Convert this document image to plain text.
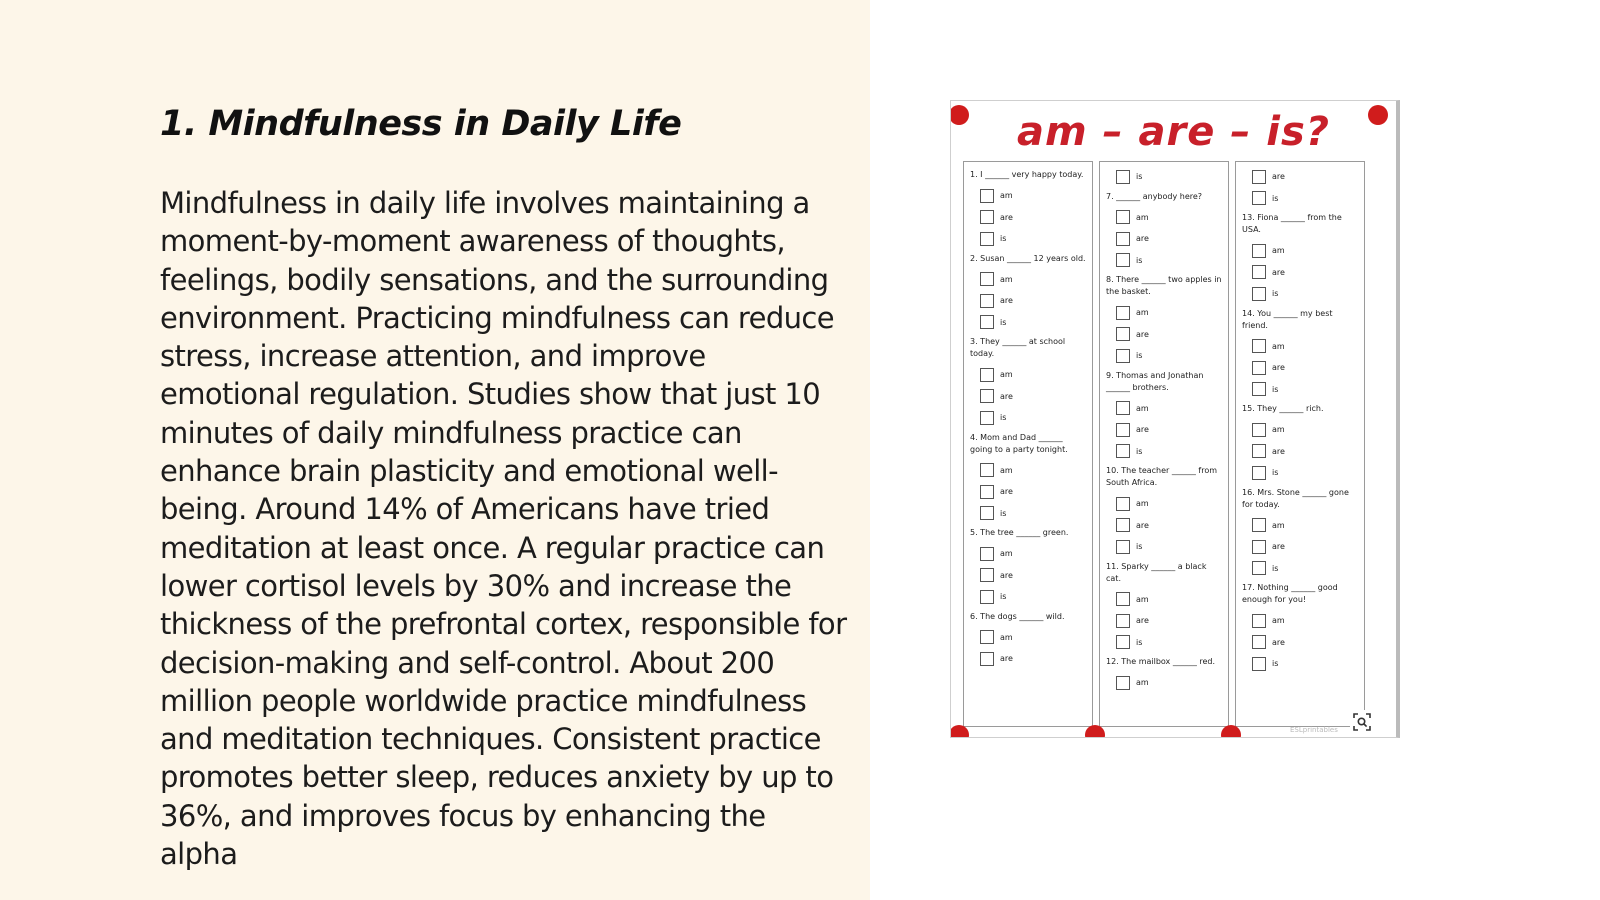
1. Mindfulness in Daily Life

Mindfulness in daily life involves maintaining a moment-by-moment awareness of thoughts, feelings, bodily sensations, and the surrounding environment. Practicing mindfulness can reduce stress, increase attention, and improve emotional regulation. Studies show that just 10 minutes of daily mindfulness practice can enhance brain plasticity and emotional well-being. Around 14% of Americans have tried meditation at least once. A regular practice can lower cortisol levels by 30% and increase the thickness of the prefrontal cortex, responsible for decision-making and self-control. About 200 million people worldwide practice mindfulness and meditation techniques. Consistent practice promotes better sleep, reduces anxiety by up to 36%, and improves focus by enhancing the alpha

am – are – is?
1. I ______ very happy today.
am
are
is
2. Susan ______ 12 years old.
am
are
is
3. They ______ at school today.
am
are
is
4. Mom and Dad ______ going to a party tonight.
am
are
is
5. The tree ______ green.
am
are
is
6. The dogs ______ wild.
am
are
is
7. ______ anybody here?
am
are
is
8. There ______ two apples in the basket.
am
are
is
9. Thomas and Jonathan ______ brothers.
am
are
is
10. The teacher ______ from South Africa.
am
are
is
11. Sparky ______ a black cat.
am
are
is
12. The mailbox ______ red.
am
are
is
13. Fiona ______ from the USA.
am
are
is
14. You ______ my best friend.
am
are
is
15. They ______ rich.
am
are
is
16. Mrs. Stone ______ gone for today.
am
are
is
17. Nothing ______ good enough for you!
am
are
is
ESLprintables
